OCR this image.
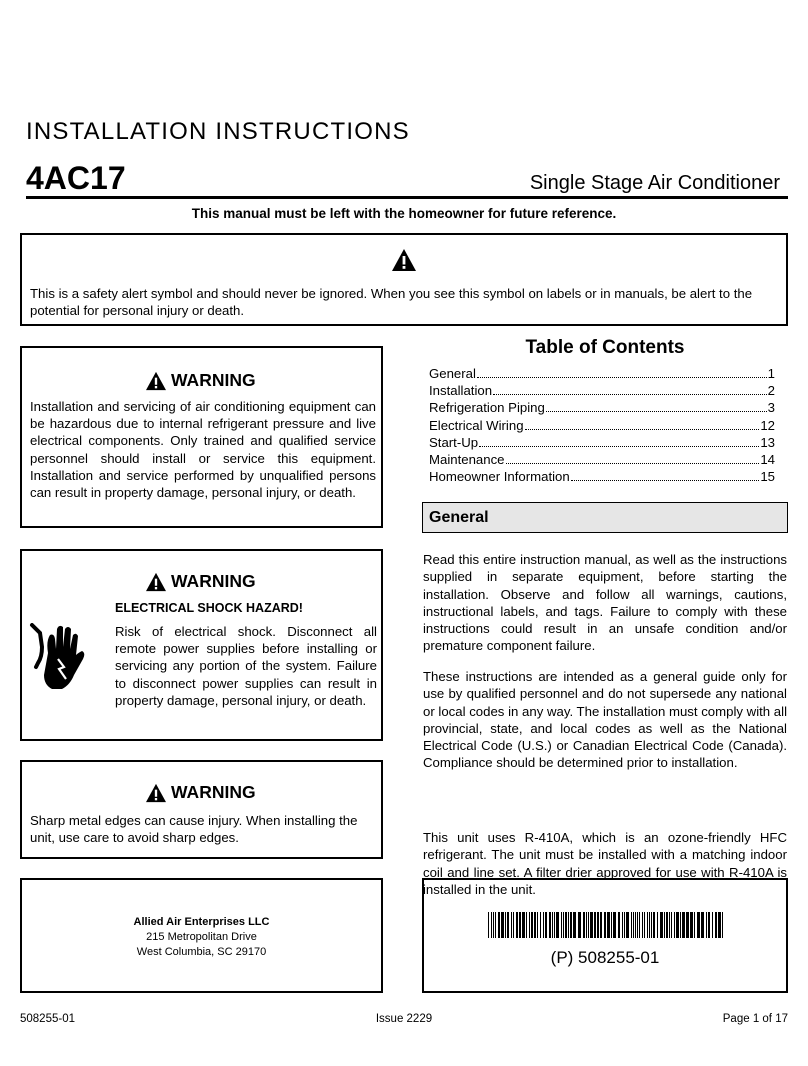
INSTALLATION INSTRUCTIONS
4AC17	Single Stage Air Conditioner
This manual must be left with the homeowner for future reference.
This is a safety alert symbol and should never be ignored. When you see this symbol on labels or in manuals, be alert to the potential for personal injury or death.
WARNING
Installation and servicing of air conditioning equipment can be hazardous due to internal refrigerant pressure and live electrical components. Only trained and qualified service personnel should install or service this equipment. Installation and service performed by unqualified persons can result in property damage, personal injury, or death.
WARNING
ELECTRICAL SHOCK HAZARD!
Risk of electrical shock. Disconnect all remote power supplies before installing or servicing any portion of the system. Failure to disconnect power supplies can result in property damage, personal injury, or death.
WARNING
Sharp metal edges can cause injury. When installing the unit, use care to avoid sharp edges.
Allied Air Enterprises LLC
215 Metropolitan Drive
West Columbia, SC 29170
Table of Contents
General	1
Installation	2
Refrigeration Piping	3
Electrical Wiring	12
Start-Up	13
Maintenance	14
Homeowner Information	15
General
Read this entire instruction manual, as well as the instructions supplied in separate equipment, before starting the installation. Observe and follow all warnings, cautions, instructional labels, and tags. Failure to comply with these instructions could result in an unsafe condition and/or premature component failure.
These instructions are intended as a general guide only for use by qualified personnel and do not supersede any national or local codes in any way. The installation must comply with all provincial, state, and local codes as well as the National Electrical Code (U.S.) or Canadian Electrical Code (Canada). Compliance should be determined prior to installation.
This unit uses R-410A, which is an ozone-friendly HFC refrigerant. The unit must be installed with a matching indoor coil and line set. A filter drier approved for use with R-410A is installed in the unit.
(P) 508255-01
508255-01	Issue 2229	Page 1 of 17
